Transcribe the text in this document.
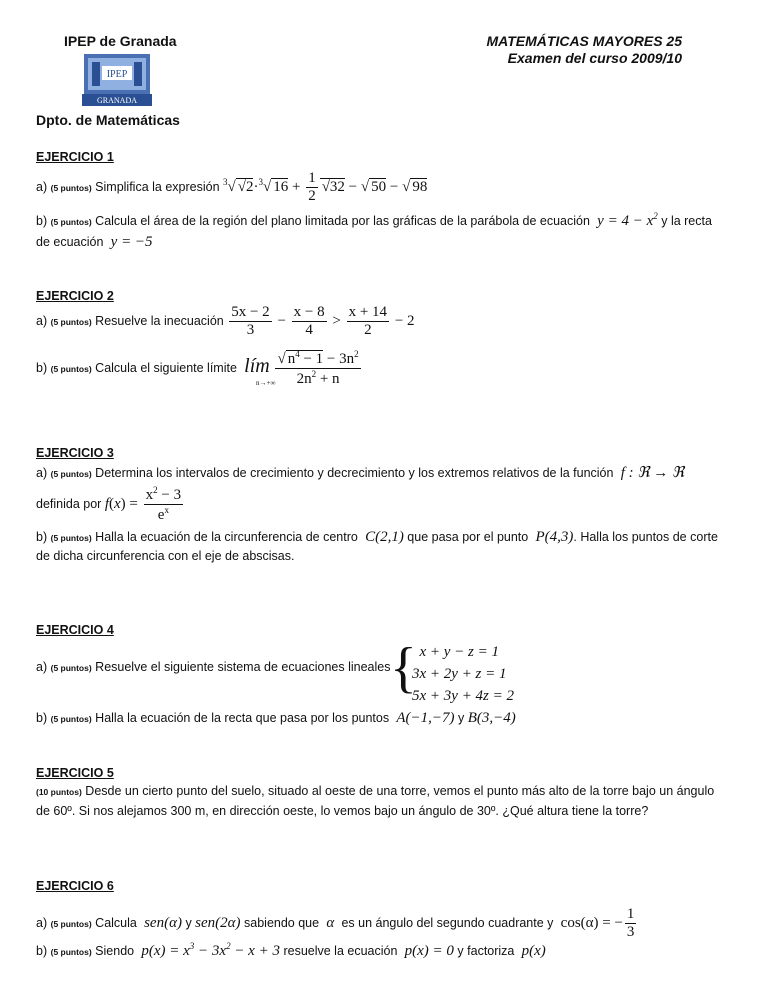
IPEP de Granada	MATEMÁTICAS MAYORES 25
Examen del curso 2009/10
IPEP
GRANADA
Dpto. de Matemáticas
EJERCICIO 1
a) (5 puntos) Simplifica la expresión $^3$√ √2·$^3$√ $16 + \frac{1}{2} √32$ − √ 50 − √ 98
b) (5 puntos) Calcula el área de la región del plano limitada por las gráficas de la parábola de ecuación  $y = 4 - x^2$ y la recta
de ecuación  y = −5
EJERCICIO 2
a) (5 puntos) Resuelve la inecuación $\frac{5x - 2}{3} - \frac{x - 8}{4} > \frac{x + 14}{2} - 2$
b) (5 puntos) Calcula el siguiente límite lím $\frac{√ n^4 - 1 - 3n^2}{2n^2 + n}$
n→+∞
EJERCICIO 3
a) (5 puntos) Determina los intervalos de crecimiento y decrecimiento y los extremos relativos de la función  f : ℜ → ℜ
definida por $f(x) = \frac{x^2 - 3}{e^x}$
b) (5 puntos) Halla la ecuación de la circunferencia de centro  C(2,1) que pasa por el punto  P(4,3). Halla los puntos de corte
de dicha circunferencia con el eje de abscisas.
EJERCICIO 4
a) (5 puntos) Resuelve el siguiente sistema de ecuaciones lineales {
x + y − z = 1
3x + 2y + z = 1
5x + 3y + 4z = 2
b) (5 puntos) Halla la ecuación de la recta que pasa por los puntos  A(−1,−7) y B(3,−4)
EJERCICIO 5
(10 puntos) Desde un cierto punto del suelo, situado al oeste de una torre, vemos el punto más alto de la torre bajo un ángulo
de 60º. Si nos alejamos 300 m, en dirección oeste, lo vemos bajo un ángulo de 30º. ¿Qué altura tiene la torre?
EJERCICIO 6
a) (5 puntos) Calcula  sen(α) y sen(2α) sabiendo que  α  es un ángulo del segundo cuadrante y  cos(α) = − $\frac{1}{3}$
b) (5 puntos) Siendo  $p(x) = x^3 - 3x^2 - x + 3$ resuelve la ecuación  p(x) = 0 y factoriza  p(x)
